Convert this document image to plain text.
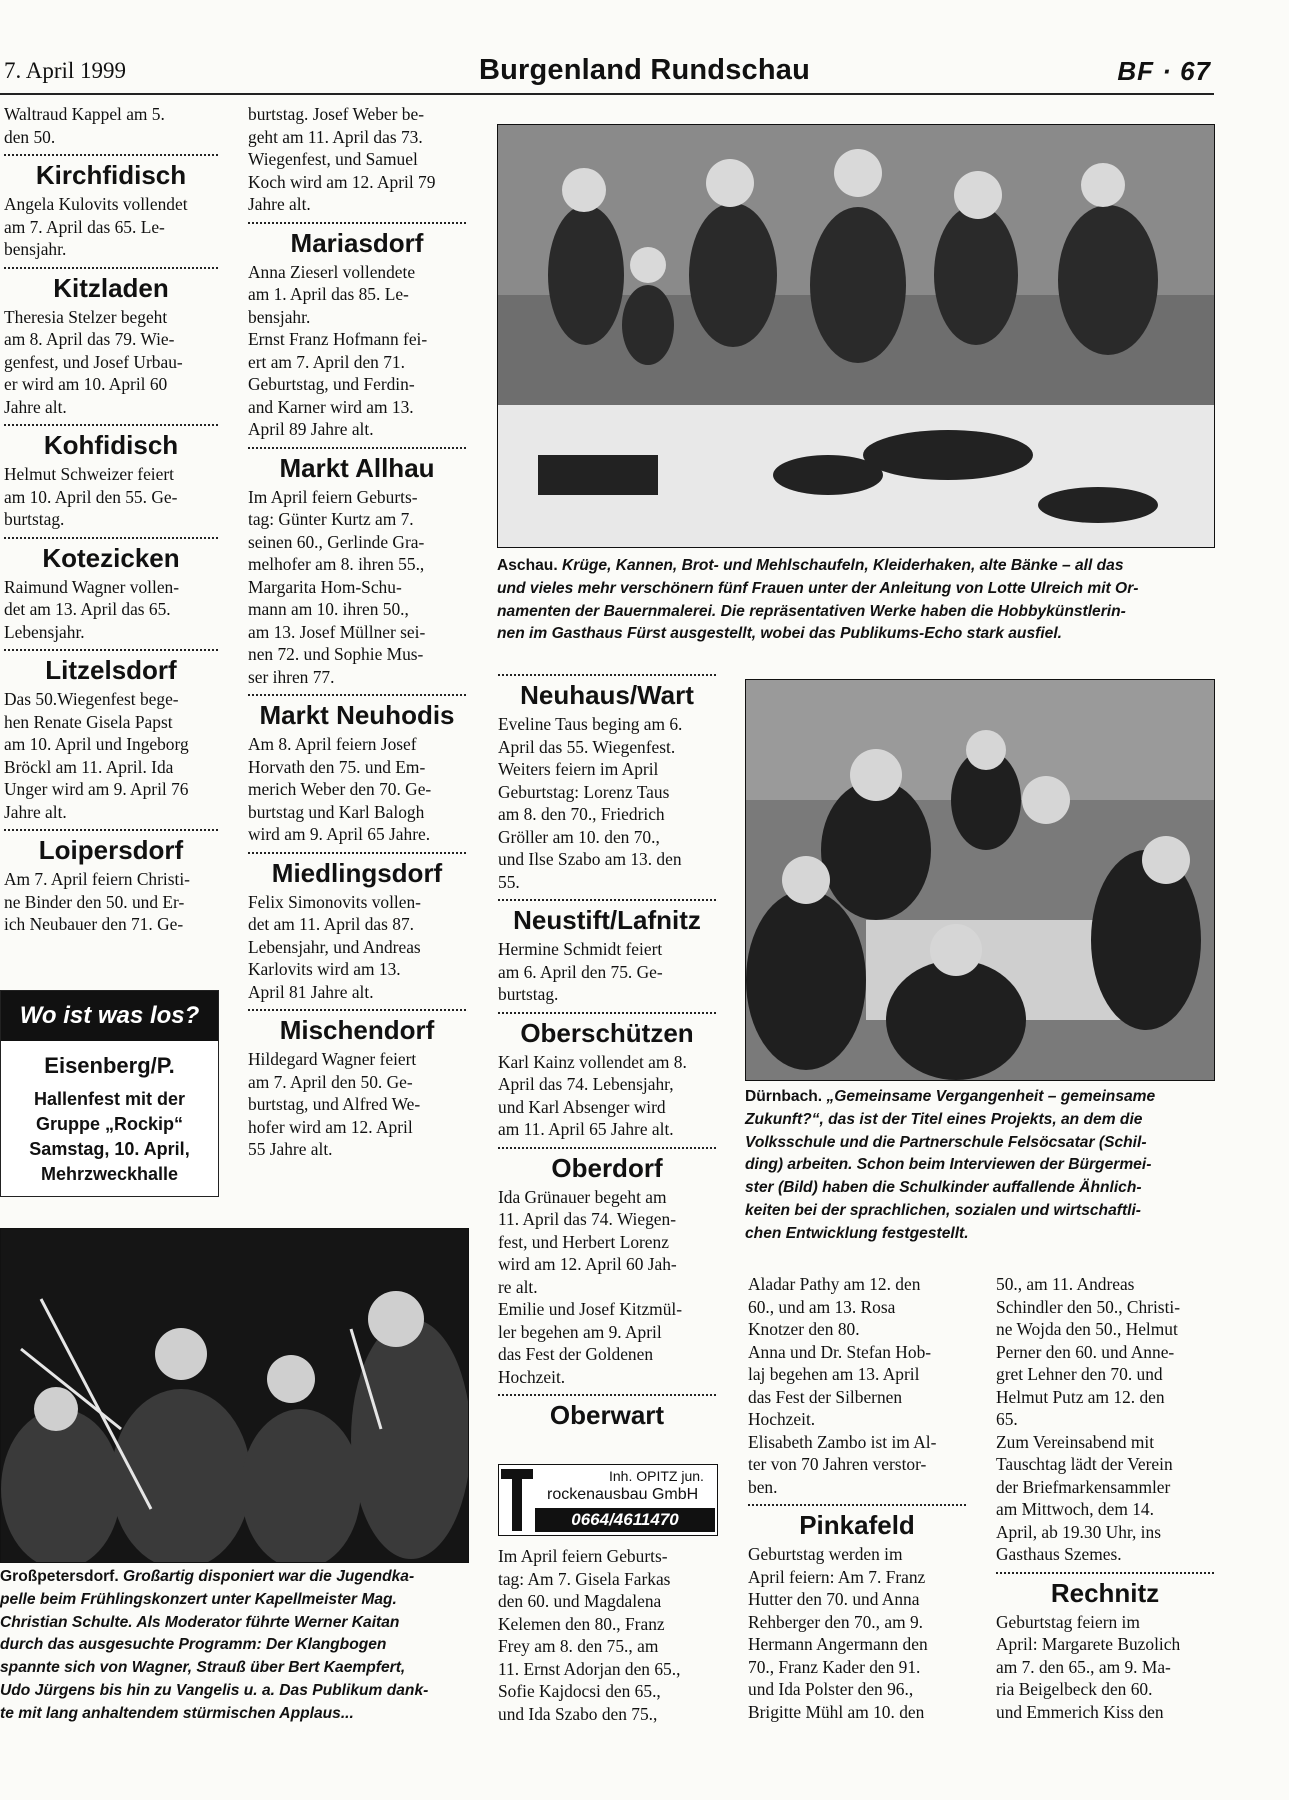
7. April 1999	Burgenland Rundschau	BF · 67

Waltraud Kappel am 5.
den 50.

Kirchfidisch

Angela Kulovits vollendet
am 7. April das 65. Le-
bensjahr.

Kitzladen

Theresia Stelzer begeht
am 8. April das 79. Wie-
genfest, und Josef Urbau-
er wird am 10. April 60
Jahre alt.

Kohfidisch

Helmut Schweizer feiert
am 10. April den 55. Ge-
burtstag.

Kotezicken

Raimund Wagner vollen-
det am 13. April das 65.
Lebensjahr.

Litzelsdorf

Das 50.Wiegenfest bege-
hen Renate Gisela Papst
am 10. April und Ingeborg
Bröckl am 11. April. Ida
Unger wird am 9. April 76
Jahre alt.

Loipersdorf

Am 7. April feiern Christi-
ne Binder den 50. und Er-
ich Neubauer den 71. Ge-

burtstag. Josef Weber be-
geht am 11. April das 73.
Wiegenfest, und Samuel
Koch wird am 12. April 79
Jahre alt.

Mariasdorf

Anna Zieserl vollendete
am 1. April das 85. Le-
bensjahr.
Ernst Franz Hofmann fei-
ert am 7. April den 71.
Geburtstag, und Ferdin-
and Karner wird am 13.
April 89 Jahre alt.

Markt Allhau

Im April feiern Geburts-
tag: Günter Kurtz am 7.
seinen 60., Gerlinde Gra-
melhofer am 8. ihren 55.,
Margarita Hom-Schu-
mann am 10. ihren 50.,
am 13. Josef Müllner sei-
nen 72. und Sophie Mus-
ser ihren 77.

Markt Neuhodis

Am 8. April feiern Josef
Horvath den 75. und Em-
merich Weber den 70. Ge-
burtstag und Karl Balogh
wird am 9. April 65 Jahre.

Miedlingsdorf

Felix Simonovits vollen-
det am 11. April das 87.
Lebensjahr, und Andreas
Karlovits wird am 13.
April 81 Jahre alt.

Mischendorf

Hildegard Wagner feiert
am 7. April den 50. Ge-
burtstag, und Alfred We-
hofer wird am 12. April
55 Jahre alt.

Wo ist was los?
Eisenberg/P.
Hallenfest mit der
Gruppe „Rockip“
Samstag, 10. April,
Mehrzweckhalle
Aschau. Krüge, Kannen, Brot- und Mehlschaufeln, Kleiderhaken, alte Bänke – all das
und vieles mehr verschönern fünf Frauen unter der Anleitung von Lotte Ulreich mit Or-
namenten der Bauernmalerei. Die repräsentativen Werke haben die Hobbykünstlerin-
nen im Gasthaus Fürst ausgestellt, wobei das Publikums-Echo stark ausfiel.
Neuhaus/Wart

Eveline Taus beging am 6.
April das 55. Wiegenfest.
Weiters feiern im April
Geburtstag: Lorenz Taus
am 8. den 70., Friedrich
Gröller am 10. den 70.,
und Ilse Szabo am 13. den
55.

Neustift/Lafnitz

Hermine Schmidt feiert
am 6. April den 75. Ge-
burtstag.

Oberschützen

Karl Kainz vollendet am 8.
April das 74. Lebensjahr,
und Karl Absenger wird
am 11. April 65 Jahre alt.

Oberdorf

Ida Grünauer begeht am
11. April das 74. Wiegen-
fest, und Herbert Lorenz
wird am 12. April 60 Jah-
re alt.
Emilie und Josef Kitzmül-
ler begehen am 9. April
das Fest der Goldenen
Hochzeit.

Oberwart
Inh. OPITZ jun.
rockenausbau GmbH
0664/4611470

Im April feiern Geburts-
tag: Am 7. Gisela Farkas
den 60. und Magdalena
Kelemen den 80., Franz
Frey am 8. den 75., am
11. Ernst Adorjan den 65.,
Sofie Kajdocsi den 65.,
und Ida Szabo den 75.,

Dürnbach. „Gemeinsame Vergangenheit – gemeinsame
Zukunft?“, das ist der Titel eines Projekts, an dem die
Volksschule und die Partnerschule Felsöcsatar (Schil-
ding) arbeiten. Schon beim Interviewen der Bürgermei-
ster (Bild) haben die Schulkinder auffallende Ähnlich-
keiten bei der sprachlichen, sozialen und wirtschaftli-
chen Entwicklung festgestellt.

Aladar Pathy am 12. den
60., und am 13. Rosa
Knotzer den 80.
Anna und Dr. Stefan Hob-
laj begehen am 13. April
das Fest der Silbernen
Hochzeit.
Elisabeth Zambo ist im Al-
ter von 70 Jahren verstor-
ben.

Pinkafeld

Geburtstag werden im
April feiern: Am 7. Franz
Hutter den 70. und Anna
Rehberger den 70., am 9.
Hermann Angermann den
70., Franz Kader den 91.
und Ida Polster den 96.,
Brigitte Mühl am 10. den

50., am 11. Andreas
Schindler den 50., Christi-
ne Wojda den 50., Helmut
Perner den 60. und Anne-
gret Lehner den 70. und
Helmut Putz am 12. den
65.
Zum Vereinsabend mit
Tauschtag lädt der Verein
der Briefmarkensammler
am Mittwoch, dem 14.
April, ab 19.30 Uhr, ins
Gasthaus Szemes.

Rechnitz

Geburtstag feiern im
April: Margarete Buzolich
am 7. den 65., am 9. Ma-
ria Beigelbeck den 60.
und Emmerich Kiss den

Großpetersdorf. Großartig disponiert war die Jugendka-
pelle beim Frühlingskonzert unter Kapellmeister Mag.
Christian Schulte. Als Moderator führte Werner Kaitan
durch das ausgesuchte Programm: Der Klangbogen
spannte sich von Wagner, Strauß über Bert Kaempfert,
Udo Jürgens bis hin zu Vangelis u. a. Das Publikum dank-
te mit lang anhaltendem stürmischen Applaus...
